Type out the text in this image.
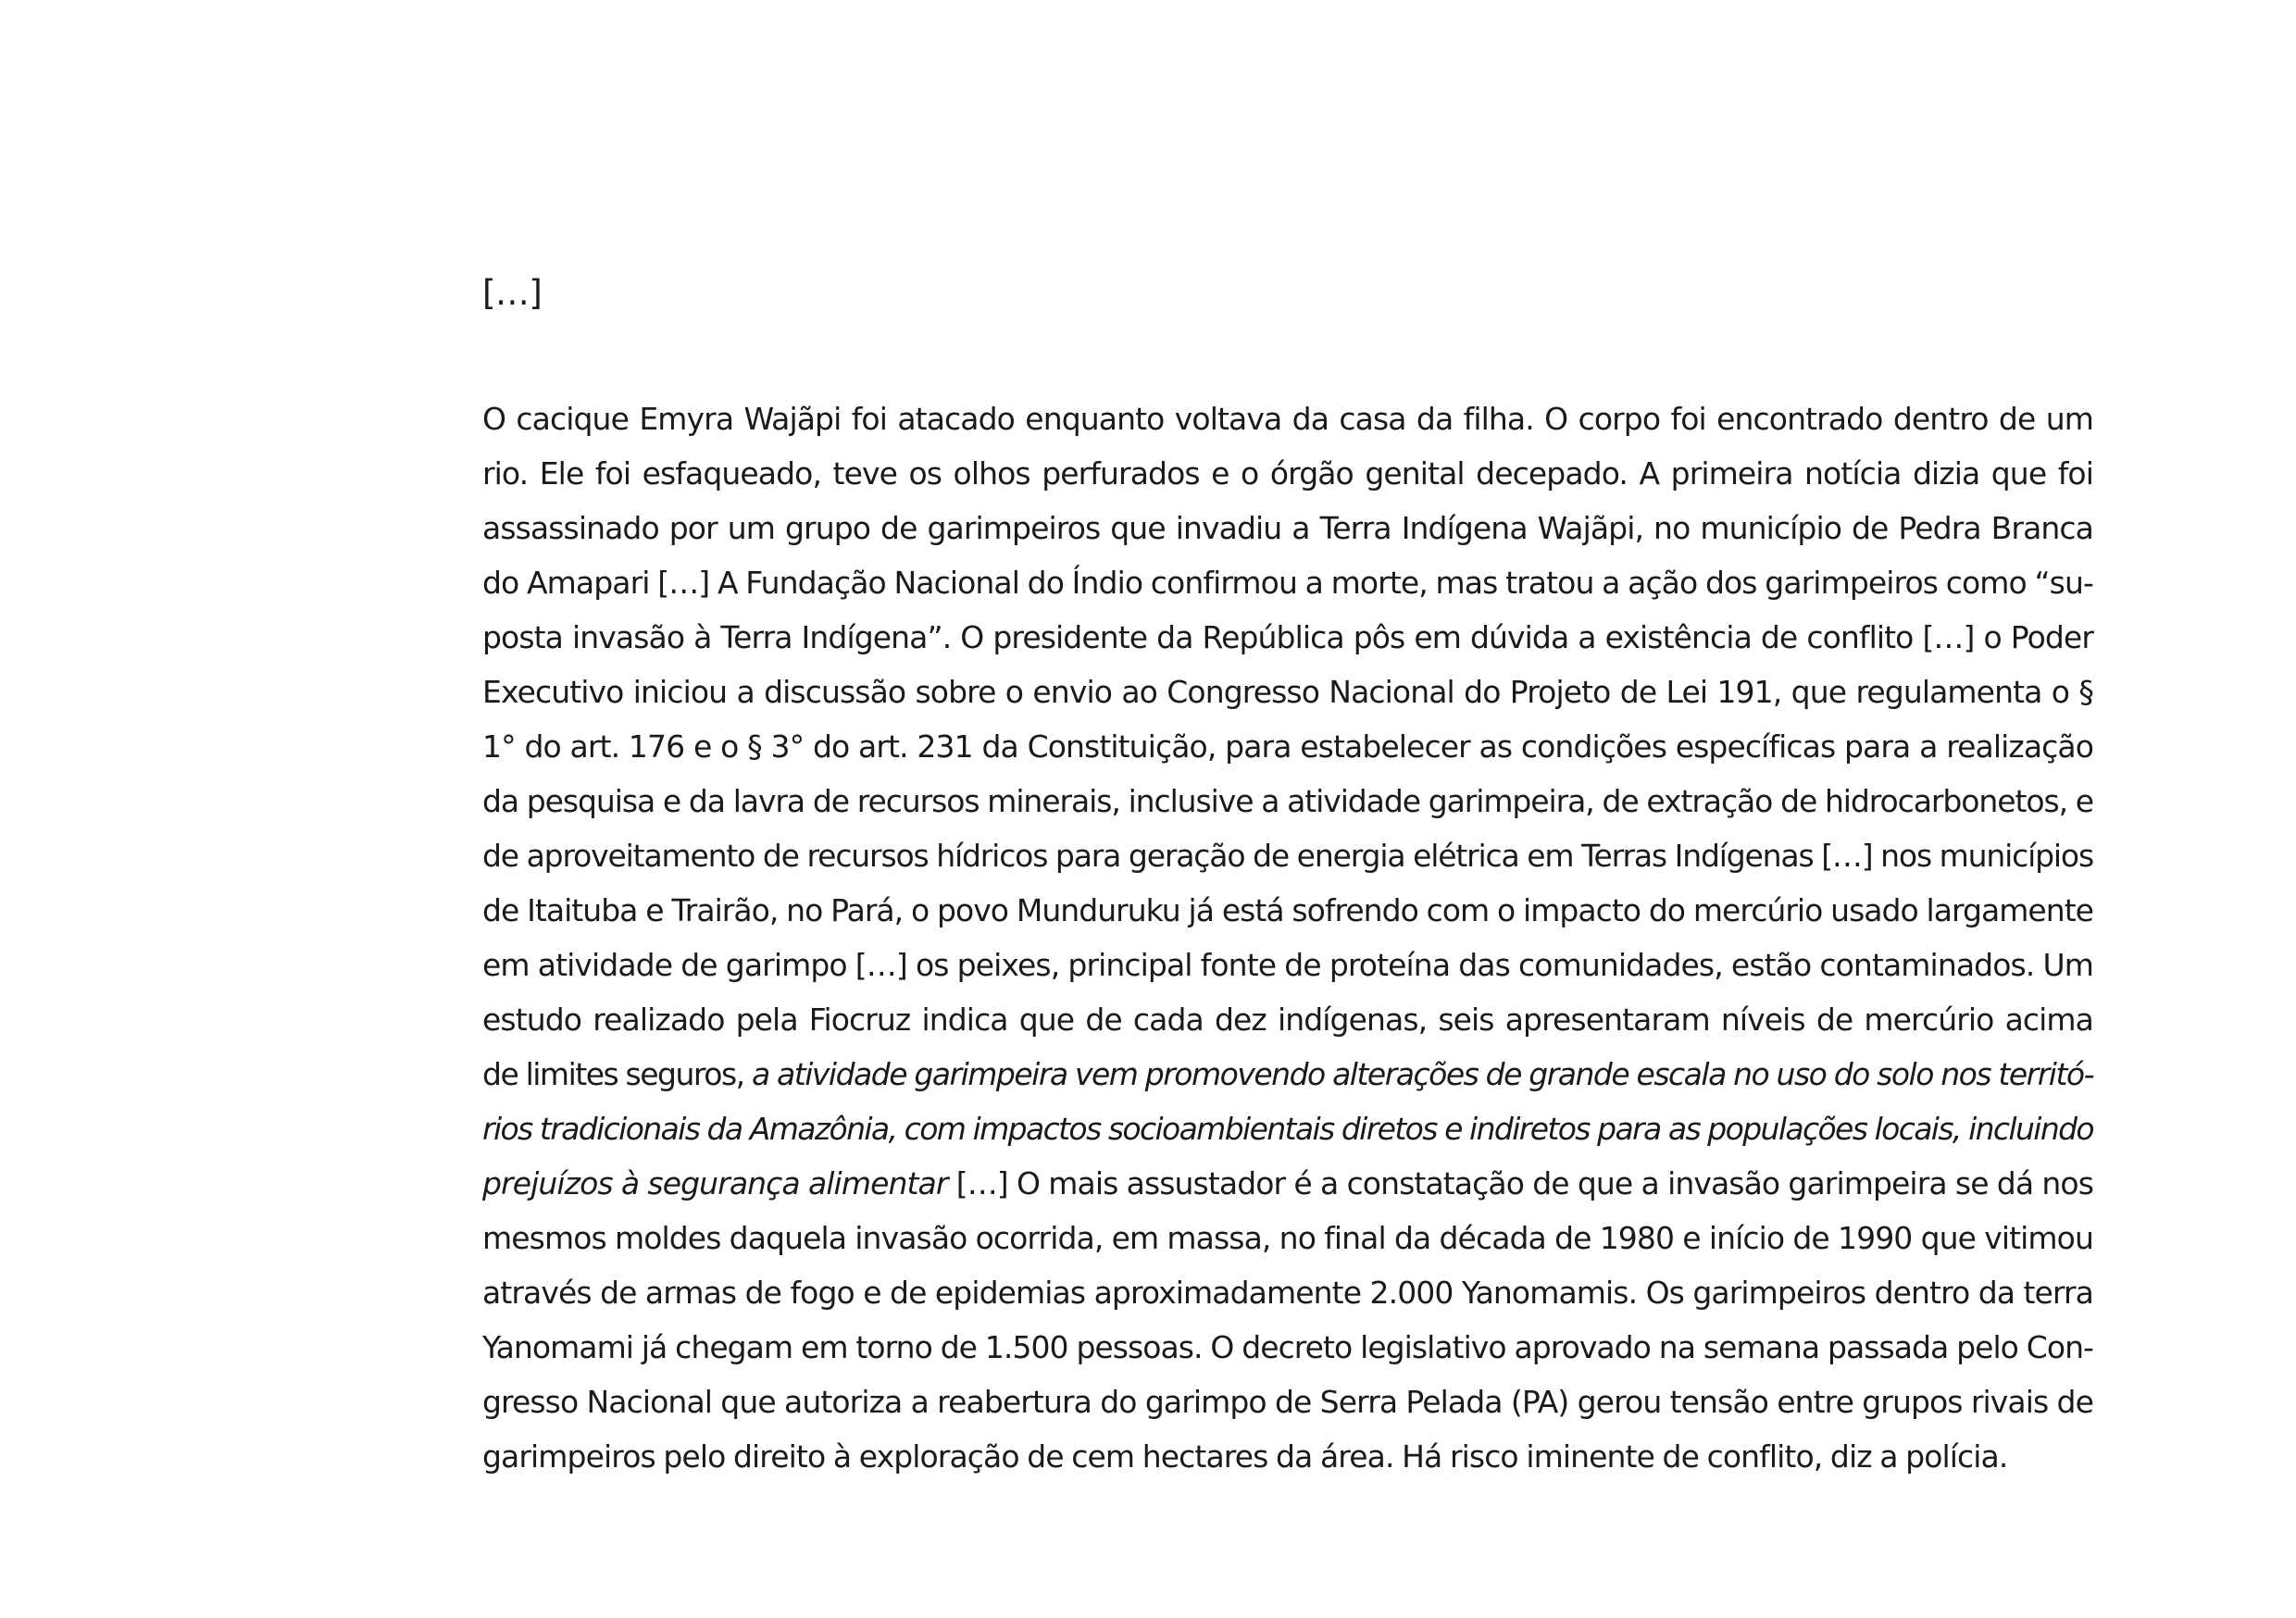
[…]
O cacique Emyra Wajãpi foi atacado enquanto voltava da casa da filha. O corpo foi encontrado dentro de um
rio. Ele foi esfaqueado, teve os olhos perfurados e o órgão genital decepado. A primeira notícia dizia que foi
assassinado por um grupo de garimpeiros que invadiu a Terra Indígena Wajãpi, no município de Pedra Branca
do Amapari […] A Fundação Nacional do Índio confirmou a morte, mas tratou a ação dos garimpeiros como “su-
posta invasão à Terra Indígena”. O presidente da República pôs em dúvida a existência de conflito […] o Poder
Executivo iniciou a discussão sobre o envio ao Congresso Nacional do Projeto de Lei 191, que regulamenta o §
1° do art. 176 e o § 3° do art. 231 da Constituição, para estabelecer as condições específicas para a realização
da pesquisa e da lavra de recursos minerais, inclusive a atividade garimpeira, de extração de hidrocarbonetos, e
de aproveitamento de recursos hídricos para geração de energia elétrica em Terras Indígenas […] nos municípios
de Itaituba e Trairão, no Pará, o povo Munduruku já está sofrendo com o impacto do mercúrio usado largamente
em atividade de garimpo […] os peixes, principal fonte de proteína das comunidades, estão contaminados. Um
estudo realizado pela Fiocruz indica que de cada dez indígenas, seis apresentaram níveis de mercúrio acima
de limites seguros, a atividade garimpeira vem promovendo alterações de grande escala no uso do solo nos territó-
rios tradicionais da Amazônia, com impactos socioambientais diretos e indiretos para as populações locais, incluindo
prejuízos à segurança alimentar […] O mais assustador é a constatação de que a invasão garimpeira se dá nos
mesmos moldes daquela invasão ocorrida, em massa, no final da década de 1980 e início de 1990 que vitimou
através de armas de fogo e de epidemias aproximadamente 2.000 Yanomamis. Os garimpeiros dentro da terra
Yanomami já chegam em torno de 1.500 pessoas. O decreto legislativo aprovado na semana passada pelo Con-
gresso Nacional que autoriza a reabertura do garimpo de Serra Pelada (PA) gerou tensão entre grupos rivais de
garimpeiros pelo direito à exploração de cem hectares da área. Há risco iminente de conflito, diz a polícia.
